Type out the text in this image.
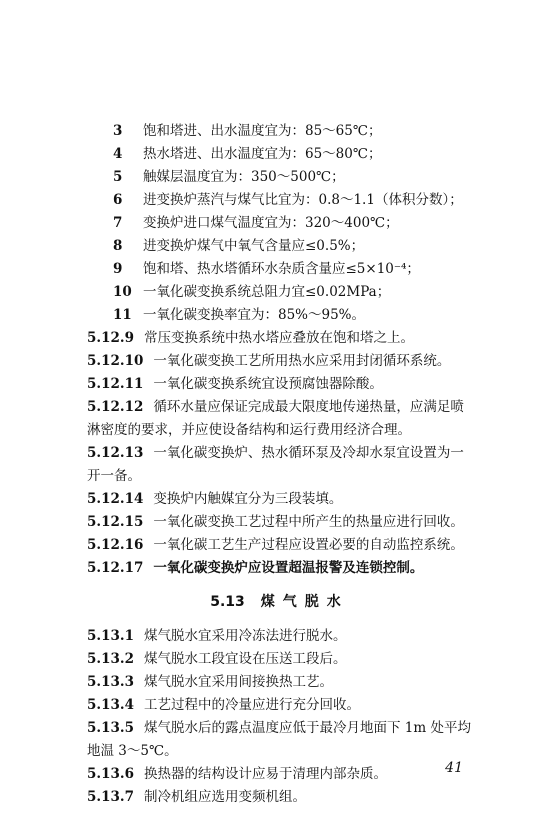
3 饱和塔进、出水温度宜为：85～65℃；
4 热水塔进、出水温度宜为：65～80℃；
5 触媒层温度宜为：350～500℃；
6 进变换炉蒸汽与煤气比宜为：0.8～1.1（体积分数）；
7 变换炉进口煤气温度宜为：320～400℃；
8 进变换炉煤气中氧气含量应≤0.5%；
9 饱和塔、热水塔循环水杂质含量应≤5×10⁻⁴；
10 一氧化碳变换系统总阻力宜≤0.02MPa；
11 一氧化碳变换率宜为：85%～95%。
5.12.9 常压变换系统中热水塔应叠放在饱和塔之上。
5.12.10 一氧化碳变换工艺所用热水应采用封闭循环系统。
5.12.11 一氧化碳变换系统宜设预腐蚀器除酸。
5.12.12 循环水量应保证完成最大限度地传递热量，应满足喷
淋密度的要求，并应使设备结构和运行费用经济合理。
5.12.13 一氧化碳变换炉、热水循环泵及冷却水泵宜设置为一
开一备。
5.12.14 变换炉内触媒宜分为三段装填。
5.12.15 一氧化碳变换工艺过程中所产生的热量应进行回收。
5.12.16 一氧化碳工艺生产过程应设置必要的自动监控系统。
5.12.17 一氧化碳变换炉应设置超温报警及连锁控制。
5.13 煤气脱水
5.13.1 煤气脱水宜采用冷冻法进行脱水。
5.13.2 煤气脱水工段宜设在压送工段后。
5.13.3 煤气脱水宜采用间接换热工艺。
5.13.4 工艺过程中的冷量应进行充分回收。
5.13.5 煤气脱水后的露点温度应低于最冷月地面下 1m 处平均
地温 3～5℃。
5.13.6 换热器的结构设计应易于清理内部杂质。
5.13.7 制冷机组应选用变频机组。
41
